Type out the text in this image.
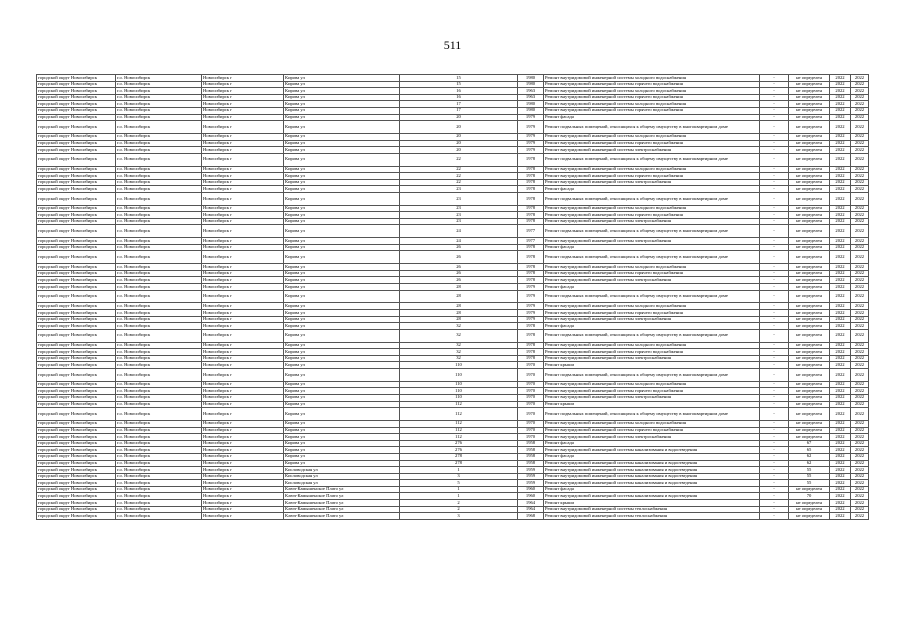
511
городской округ Новосибирск	г.о. Новосибирск	Новосибирск г	Кирова ул	15	1980	Ремонт внутридомовой инженерной системы холодного водоснабжения	-	не определен	2022	2022
городской округ Новосибирск	г.о. Новосибирск	Новосибирск г	Кирова ул	15	1980	Ремонт внутридомовой инженерной системы горячего водоснабжения	-	не определен	2022	2022
городской округ Новосибирск	г.о. Новосибирск	Новосибирск г	Кирова ул	16	1963	Ремонт внутридомовой инженерной системы холодного водоснабжения	-	не определен	2022	2022
городской округ Новосибирск	г.о. Новосибирск	Новосибирск г	Кирова ул	16	1963	Ремонт внутридомовой инженерной системы горячего водоснабжения	-	не определен	2022	2022
городской округ Новосибирск	г.о. Новосибирск	Новосибирск г	Кирова ул	17	1980	Ремонт внутридомовой инженерной системы холодного водоснабжения	-	не определен	2022	2022
городской округ Новосибирск	г.о. Новосибирск	Новосибирск г	Кирова ул	17	1980	Ремонт внутридомовой инженерной системы горячего водоснабжения	-	не определен	2022	2022
городской округ Новосибирск	г.о. Новосибирск	Новосибирск г	Кирова ул	20	1979	Ремонт фасада	-	не определен	2022	2022
городской округ Новосибирск	г.о. Новосибирск	Новосибирск г	Кирова ул	20	1979	Ремонт подвальных помещений, относящихся к общему имуществу в многоквартирном доме	-	не определен	2022	2022
городской округ Новосибирск	г.о. Новосибирск	Новосибирск г	Кирова ул	20	1979	Ремонт внутридомовой инженерной системы холодного водоснабжения	-	не определен	2022	2022
городской округ Новосибирск	г.о. Новосибирск	Новосибирск г	Кирова ул	20	1979	Ремонт внутридомовой инженерной системы горячего водоснабжения	-	не определен	2022	2022
городской округ Новосибирск	г.о. Новосибирск	Новосибирск г	Кирова ул	20	1979	Ремонт внутридомовой инженерной системы электроснабжения	-	не определен	2022	2022
городской округ Новосибирск	г.о. Новосибирск	Новосибирск г	Кирова ул	22	1978	Ремонт подвальных помещений, относящихся к общему имуществу в многоквартирном доме	-	не определен	2022	2022
городской округ Новосибирск	г.о. Новосибирск	Новосибирск г	Кирова ул	22	1978	Ремонт внутридомовой инженерной системы холодного водоснабжения	-	не определен	2022	2022
городской округ Новосибирск	г.о. Новосибирск	Новосибирск г	Кирова ул	22	1978	Ремонт внутридомовой инженерной системы горячего водоснабжения	-	не определен	2022	2022
городской округ Новосибирск	г.о. Новосибирск	Новосибирск г	Кирова ул	22	1978	Ремонт внутридомовой инженерной системы электроснабжения	-	не определен	2022	2022
городской округ Новосибирск	г.о. Новосибирск	Новосибирск г	Кирова ул	23	1978	Ремонт фасада	-	не определен	2022	2022
городской округ Новосибирск	г.о. Новосибирск	Новосибирск г	Кирова ул	23	1978	Ремонт подвальных помещений, относящихся к общему имуществу в многоквартирном доме	-	не определен	2022	2022
городской округ Новосибирск	г.о. Новосибирск	Новосибирск г	Кирова ул	23	1978	Ремонт внутридомовой инженерной системы холодного водоснабжения	-	не определен	2022	2022
городской округ Новосибирск	г.о. Новосибирск	Новосибирск г	Кирова ул	23	1978	Ремонт внутридомовой инженерной системы горячего водоснабжения	-	не определен	2022	2022
городской округ Новосибирск	г.о. Новосибирск	Новосибирск г	Кирова ул	23	1978	Ремонт внутридомовой инженерной системы электроснабжения	-	не определен	2022	2022
городской округ Новосибирск	г.о. Новосибирск	Новосибирск г	Кирова ул	24	1977	Ремонт подвальных помещений, относящихся к общему имуществу в многоквартирном доме	-	не определен	2022	2022
городской округ Новосибирск	г.о. Новосибирск	Новосибирск г	Кирова ул	24	1977	Ремонт внутридомовой инженерной системы электроснабжения	-	не определен	2022	2022
городской округ Новосибирск	г.о. Новосибирск	Новосибирск г	Кирова ул	26	1978	Ремонт фасада	-	не определен	2022	2022
городской округ Новосибирск	г.о. Новосибирск	Новосибирск г	Кирова ул	26	1978	Ремонт подвальных помещений, относящихся к общему имуществу в многоквартирном доме	-	не определен	2022	2022
городской округ Новосибирск	г.о. Новосибирск	Новосибирск г	Кирова ул	26	1978	Ремонт внутридомовой инженерной системы холодного водоснабжения	-	не определен	2022	2022
городской округ Новосибирск	г.о. Новосибирск	Новосибирск г	Кирова ул	26	1978	Ремонт внутридомовой инженерной системы горячего водоснабжения	-	не определен	2022	2022
городской округ Новосибирск	г.о. Новосибирск	Новосибирск г	Кирова ул	26	1978	Ремонт внутридомовой инженерной системы электроснабжения	-	не определен	2022	2022
городской округ Новосибирск	г.о. Новосибирск	Новосибирск г	Кирова ул	28	1979	Ремонт фасада	-	не определен	2022	2022
городской округ Новосибирск	г.о. Новосибирск	Новосибирск г	Кирова ул	28	1979	Ремонт подвальных помещений, относящихся к общему имуществу в многоквартирном доме	-	не определен	2022	2022
городской округ Новосибирск	г.о. Новосибирск	Новосибирск г	Кирова ул	28	1979	Ремонт внутридомовой инженерной системы холодного водоснабжения	-	не определен	2022	2022
городской округ Новосибирск	г.о. Новосибирск	Новосибирск г	Кирова ул	28	1979	Ремонт внутридомовой инженерной системы горячего водоснабжения	-	не определен	2022	2022
городской округ Новосибирск	г.о. Новосибирск	Новосибирск г	Кирова ул	28	1979	Ремонт внутридомовой инженерной системы электроснабжения	-	не определен	2022	2022
городской округ Новосибирск	г.о. Новосибирск	Новосибирск г	Кирова ул	32	1978	Ремонт фасада	-	не определен	2022	2022
городской округ Новосибирск	г.о. Новосибирск	Новосибирск г	Кирова ул	32	1978	Ремонт подвальных помещений, относящихся к общему имуществу в многоквартирном доме	-	не определен	2022	2022
городской округ Новосибирск	г.о. Новосибирск	Новосибирск г	Кирова ул	32	1978	Ремонт внутридомовой инженерной системы холодного водоснабжения	-	не определен	2022	2022
городской округ Новосибирск	г.о. Новосибирск	Новосибирск г	Кирова ул	32	1978	Ремонт внутридомовой инженерной системы горячего водоснабжения	-	не определен	2022	2022
городской округ Новосибирск	г.о. Новосибирск	Новосибирск г	Кирова ул	32	1978	Ремонт внутридомовой инженерной системы электроснабжения	-	не определен	2022	2022
городской округ Новосибирск	г.о. Новосибирск	Новосибирск г	Кирова ул	110	1970	Ремонт крыши	-	не определен	2022	2022
городской округ Новосибирск	г.о. Новосибирск	Новосибирск г	Кирова ул	110	1970	Ремонт подвальных помещений, относящихся к общему имуществу в многоквартирном доме	-	не определен	2022	2022
городской округ Новосибирск	г.о. Новосибирск	Новосибирск г	Кирова ул	110	1970	Ремонт внутридомовой инженерной системы холодного водоснабжения	-	не определен	2022	2022
городской округ Новосибирск	г.о. Новосибирск	Новосибирск г	Кирова ул	110	1970	Ремонт внутридомовой инженерной системы горячего водоснабжения	-	не определен	2022	2022
городской округ Новосибирск	г.о. Новосибирск	Новосибирск г	Кирова ул	110	1970	Ремонт внутридомовой инженерной системы электроснабжения	-	не определен	2022	2022
городской округ Новосибирск	г.о. Новосибирск	Новосибирск г	Кирова ул	112	1970	Ремонт крыши	-	не определен	2022	2022
городской округ Новосибирск	г.о. Новосибирск	Новосибирск г	Кирова ул	112	1970	Ремонт подвальных помещений, относящихся к общему имуществу в многоквартирном доме	-	не определен	2022	2022
городской округ Новосибирск	г.о. Новосибирск	Новосибирск г	Кирова ул	112	1970	Ремонт внутридомовой инженерной системы холодного водоснабжения	-	не определен	2022	2022
городской округ Новосибирск	г.о. Новосибирск	Новосибирск г	Кирова ул	112	1970	Ремонт внутридомовой инженерной системы горячего водоснабжения	-	не определен	2022	2022
городской округ Новосибирск	г.о. Новосибирск	Новосибирск г	Кирова ул	112	1970	Ремонт внутридомовой инженерной системы электроснабжения	-	не определен	2022	2022
городской округ Новосибирск	г.о. Новосибирск	Новосибирск г	Кирова ул	276	1958	Ремонт фасада	-	67	2022	2022
городской округ Новосибирск	г.о. Новосибирск	Новосибирск г	Кирова ул	276	1958	Ремонт внутридомовой инженерной системы канализования и водоотведения	-	65	2022	2022
городской округ Новосибирск	г.о. Новосибирск	Новосибирск г	Кирова ул	278	1958	Ремонт фасада	-	62	2022	2022
городской округ Новосибирск	г.о. Новосибирск	Новосибирск г	Кирова ул	278	1958	Ремонт внутридомовой инженерной системы канализования и водоотведения	-	62	2022	2022
городской округ Новосибирск	г.о. Новосибирск	Новосибирск г	Кисловодская ул	1	1959	Ремонт внутридомовой инженерной системы канализования и водоотведения	-	55	2022	2022
городской округ Новосибирск	г.о. Новосибирск	Новосибирск г	Кисловодская ул	3	1959	Ремонт внутридомовой инженерной системы канализования и водоотведения	-	55	2022	2022
городской округ Новосибирск	г.о. Новосибирск	Новосибирск г	Кисловодская ул	5	1959	Ремонт внутридомовой инженерной системы канализования и водоотведения	-	55	2022	2022
городской округ Новосибирск	г.о. Новосибирск	Новосибирск г	Ключ-Камышенское Плато ул	1	1960	Ремонт фасада	-	не определен	2022	2022
городской округ Новосибирск	г.о. Новосибирск	Новосибирск г	Ключ-Камышенское Плато ул	1	1960	Ремонт внутридомовой инженерной системы канализования и водоотведения	-	70	2022	2022
городской округ Новосибирск	г.о. Новосибирск	Новосибирск г	Ключ-Камышенское Плато ул	2	1964	Ремонт крыши	-	не определен	2022	2022
городской округ Новосибирск	г.о. Новосибирск	Новосибирск г	Ключ-Камышенское Плато ул	2	1964	Ремонт внутридомовой инженерной системы теплоснабжения	-	не определен	2022	2022
городской округ Новосибирск	г.о. Новосибирск	Новосибирск г	Ключ-Камышенское Плато ул	3	1968	Ремонт внутридомовой инженерной системы теплоснабжения	-	не определен	2022	2022
